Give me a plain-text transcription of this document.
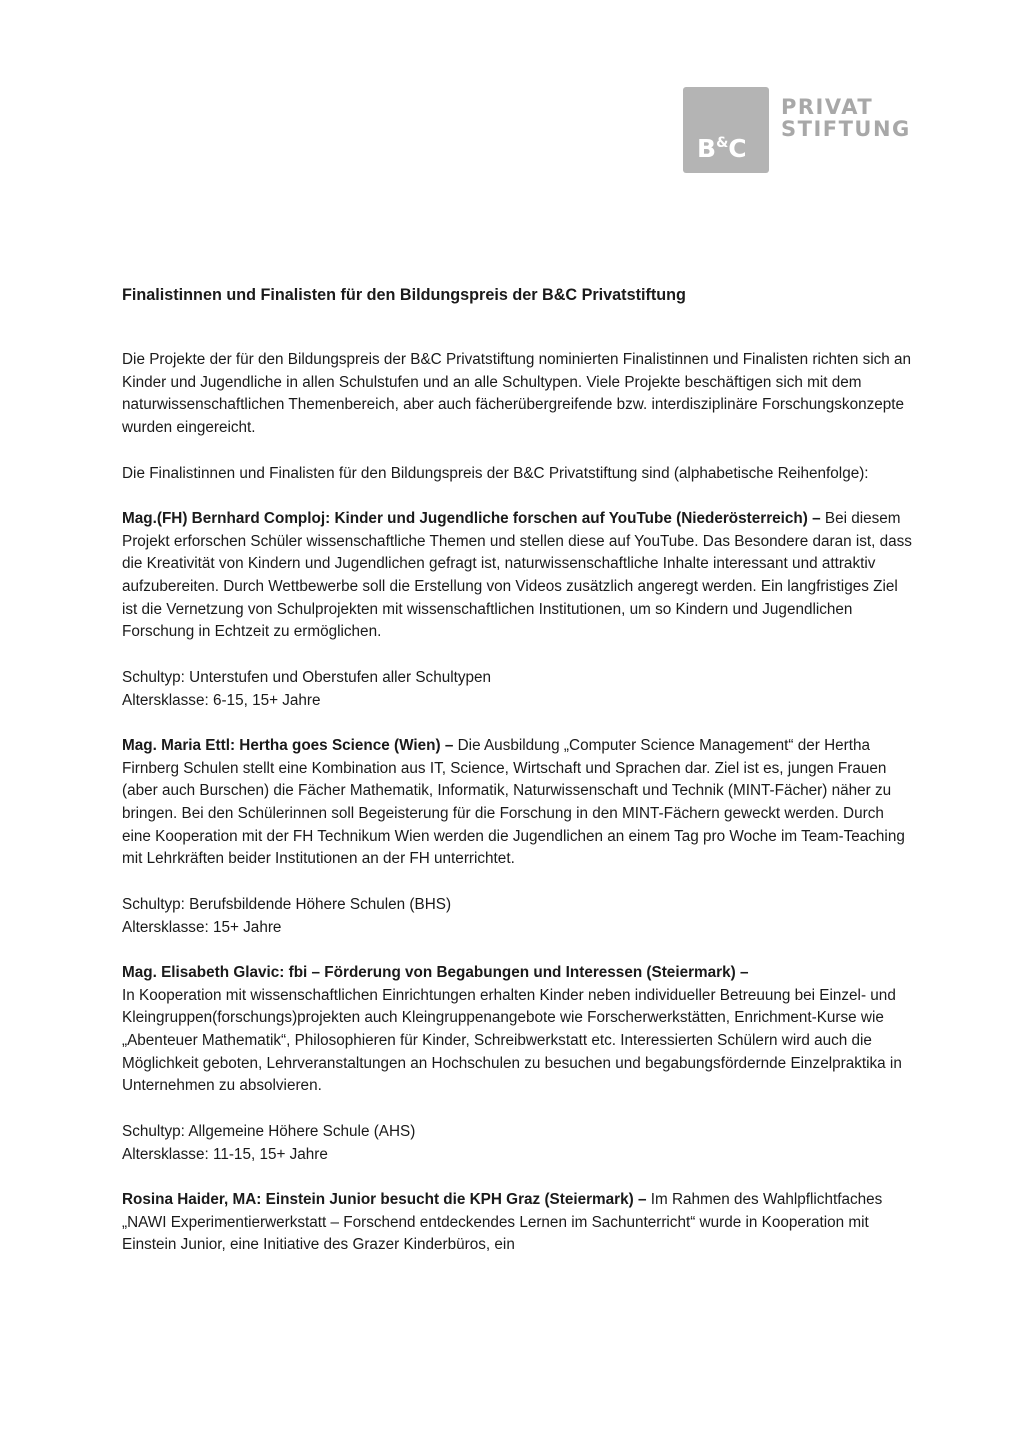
B&C
PRIVAT
STIFTUNG
Finalistinnen und Finalisten für den Bildungspreis der B&C Privatstiftung

Die Projekte der für den Bildungspreis der B&C Privatstiftung nominierten Finalistinnen und Finalisten richten sich an Kinder und Jugendliche in allen Schulstufen und an alle Schultypen. Viele Projekte beschäftigen sich mit dem naturwissenschaftlichen Themenbereich, aber auch fächerübergreifende bzw. interdisziplinäre Forschungskonzepte wurden eingereicht.

Die Finalistinnen und Finalisten für den Bildungspreis der B&C Privatstiftung sind (alphabetische Reihenfolge):

Mag.(FH) Bernhard Comploj: Kinder und Jugendliche forschen auf YouTube (Niederösterreich) – Bei diesem Projekt erforschen Schüler wissenschaftliche Themen und stellen diese auf YouTube. Das Besondere daran ist, dass die Kreativität von Kindern und Jugendlichen gefragt ist, naturwissenschaftliche Inhalte interessant und attraktiv aufzubereiten. Durch Wettbewerbe soll die Erstellung von Videos zusätzlich angeregt werden. Ein langfristiges Ziel ist die Vernetzung von Schulprojekten mit wissenschaftlichen Institutionen, um so Kindern und Jugendlichen Forschung in Echtzeit zu ermöglichen.

Schultyp: Unterstufen und Oberstufen aller Schultypen
Altersklasse: 6-15, 15+ Jahre

Mag. Maria Ettl: Hertha goes Science (Wien) – Die Ausbildung „Computer Science Management“ der Hertha Firnberg Schulen stellt eine Kombination aus IT, Science, Wirtschaft und Sprachen dar. Ziel ist es, jungen Frauen (aber auch Burschen) die Fächer Mathematik, Informatik, Naturwissenschaft und Technik (MINT-Fächer) näher zu bringen. Bei den Schülerinnen soll Begeisterung für die Forschung in den MINT-Fächern geweckt werden. Durch eine Kooperation mit der FH Technikum Wien werden die Jugendlichen an einem Tag pro Woche im Team-Teaching mit Lehrkräften beider Institutionen an der FH unterrichtet.

Schultyp: Berufsbildende Höhere Schulen (BHS)
Altersklasse: 15+ Jahre

Mag. Elisabeth Glavic: fbi – Förderung von Begabungen und Interessen (Steiermark) –
In Kooperation mit wissenschaftlichen Einrichtungen erhalten Kinder neben individueller Betreuung bei Einzel- und Kleingruppen(forschungs)projekten auch Kleingruppenangebote wie Forscherwerkstätten, Enrichment-Kurse wie „Abenteuer Mathematik“, Philosophieren für Kinder, Schreibwerkstatt etc. Interessierten Schülern wird auch die Möglichkeit geboten, Lehrveranstaltungen an Hochschulen zu besuchen und begabungsfördernde Einzelpraktika in Unternehmen zu absolvieren.

Schultyp: Allgemeine Höhere Schule (AHS)
Altersklasse: 11-15, 15+ Jahre

Rosina Haider, MA: Einstein Junior besucht die KPH Graz (Steiermark) – Im Rahmen des Wahlpflichtfaches „NAWI Experimentierwerkstatt – Forschend entdeckendes Lernen im Sachunterricht“ wurde in Kooperation mit Einstein Junior, eine Initiative des Grazer Kinderbüros, ein
